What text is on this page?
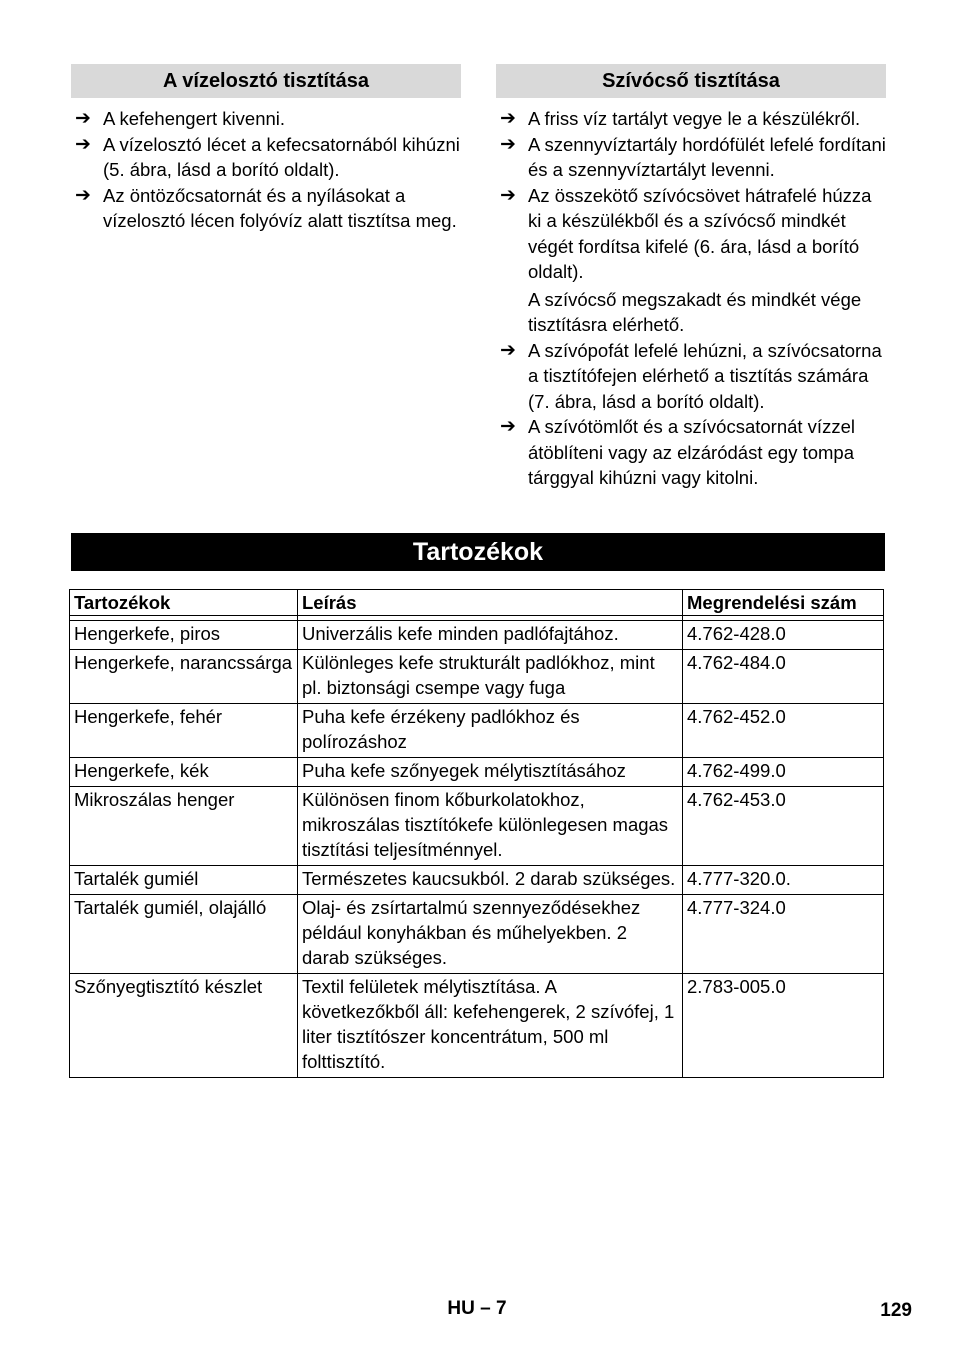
A vízelosztó tisztítása
➔ A kefehengert kivenni.
➔ A vízelosztó lécet a kefecsatornából kihúzni (5. ábra, lásd a borító oldalt).
➔ Az öntözőcsatornát és a nyílásokat a vízelosztó lécen folyóvíz alatt tisztítsa meg.
Szívócső tisztítása
➔ A friss víz tartályt vegye le a készülékről.
➔ A szennyvíztartály hordófülét lefelé fordítani és a szennyvíztartályt levenni.
➔ Az összekötő szívócsövet hátrafelé húzza ki a készülékből és a szívócső mindkét végét fordítsa kifelé (6. ára, lásd a borító oldalt).
A szívócső megszakadt és mindkét vége tisztításra elérhető.
➔ A szívópofát lefelé lehúzni, a szívócsatorna a tisztítófejen elérhető a tisztítás számára (7. ábra, lásd a borító oldalt).
➔ A szívótömlőt és a szívócsatornát vízzel átöblíteni vagy az elzáródást egy tompa tárggyal kihúzni vagy kitolni.
Tartozékok
Tartozékok	Leírás	Megrendelési szám

Hengerkefe, piros	Univerzális kefe minden padlófajtához.	4.762-428.0
Hengerkefe, narancssárga	Különleges kefe strukturált padlókhoz, mint pl. biztonsági csempe vagy fuga	4.762-484.0
Hengerkefe, fehér	Puha kefe érzékeny padlókhoz és polírozáshoz	4.762-452.0
Hengerkefe, kék	Puha kefe szőnyegek mélytisztításához	4.762-499.0
Mikroszálas henger	Különösen finom kőburkolatokhoz, mikroszálas tisztítókefe különlegesen magas tisztítási teljesítménnyel.	4.762-453.0
Tartalék gumiél	Természetes kaucsukból. 2 darab szükséges.	4.777-320.0.
Tartalék gumiél, olajálló	Olaj- és zsírtartalmú szennyeződésekhez például konyhákban és műhelyekben. 2 darab szükséges.	4.777-324.0
Szőnyegtisztító készlet	Textil felületek mélytisztítása. A következőkből áll: kefehengerek, 2 szívófej, 1 liter tisztítószer koncentrátum, 500 ml folttisztító.	2.783-005.0
HU – 7	129
